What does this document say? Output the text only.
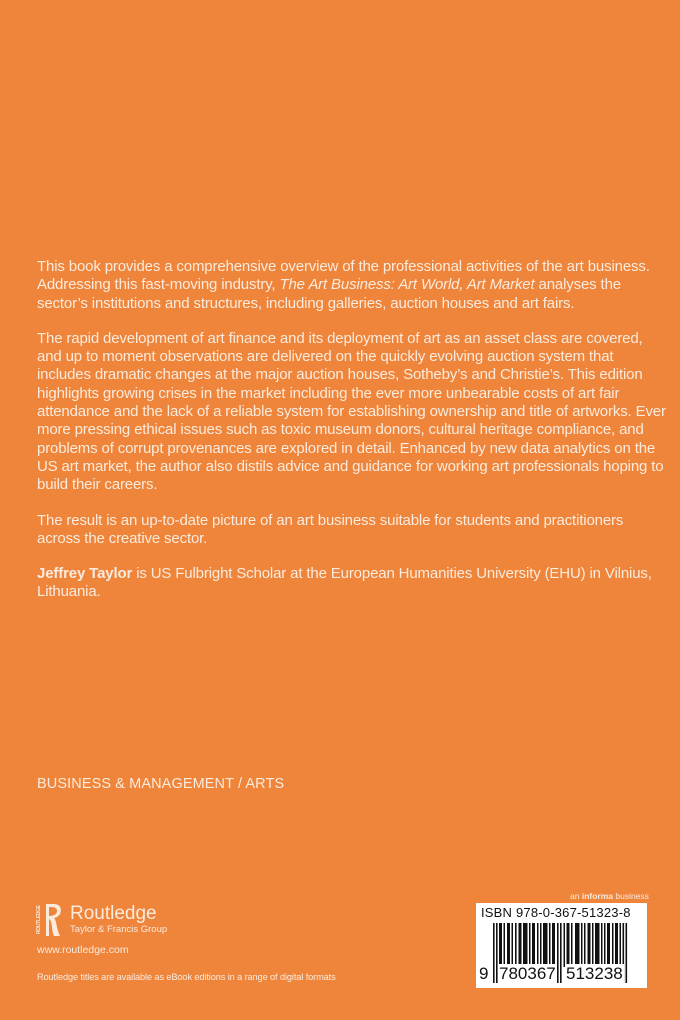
This book provides a comprehensive overview of the professional activities of the art business. Addressing this fast-moving industry, The Art Business: Art World, Art Market analyses the sector’s institutions and structures, including galleries, auction houses and art fairs.

The rapid development of art finance and its deployment of art as an asset class are covered, and up to moment observations are delivered on the quickly evolving auction system that includes dramatic changes at the major auction houses, Sotheby’s and Christie’s. This edition highlights growing crises in the market including the ever more unbearable costs of art fair attendance and the lack of a reliable system for establishing ownership and title of artworks. Ever more pressing ethical issues such as toxic museum donors, cultural heritage compliance, and problems of corrupt provenances are explored in detail. Enhanced by new data analytics on the US art market, the author also distils advice and guidance for working art professionals hoping to build their careers.

The result is an up-to-date picture of an art business suitable for students and practitioners across the creative sector.

Jeffrey Taylor is US Fulbright Scholar at the European Humanities University (EHU) in Vilnius, Lithuania.

BUSINESS & MANAGEMENT / ARTS
ROUTLEDGE Routledge
Taylor & Francis Group
www.routledge.com
Routledge titles are available as eBook editions in a range of digital formats
an informa business
ISBN 978-0-367-51323-8
9 780367 513238
